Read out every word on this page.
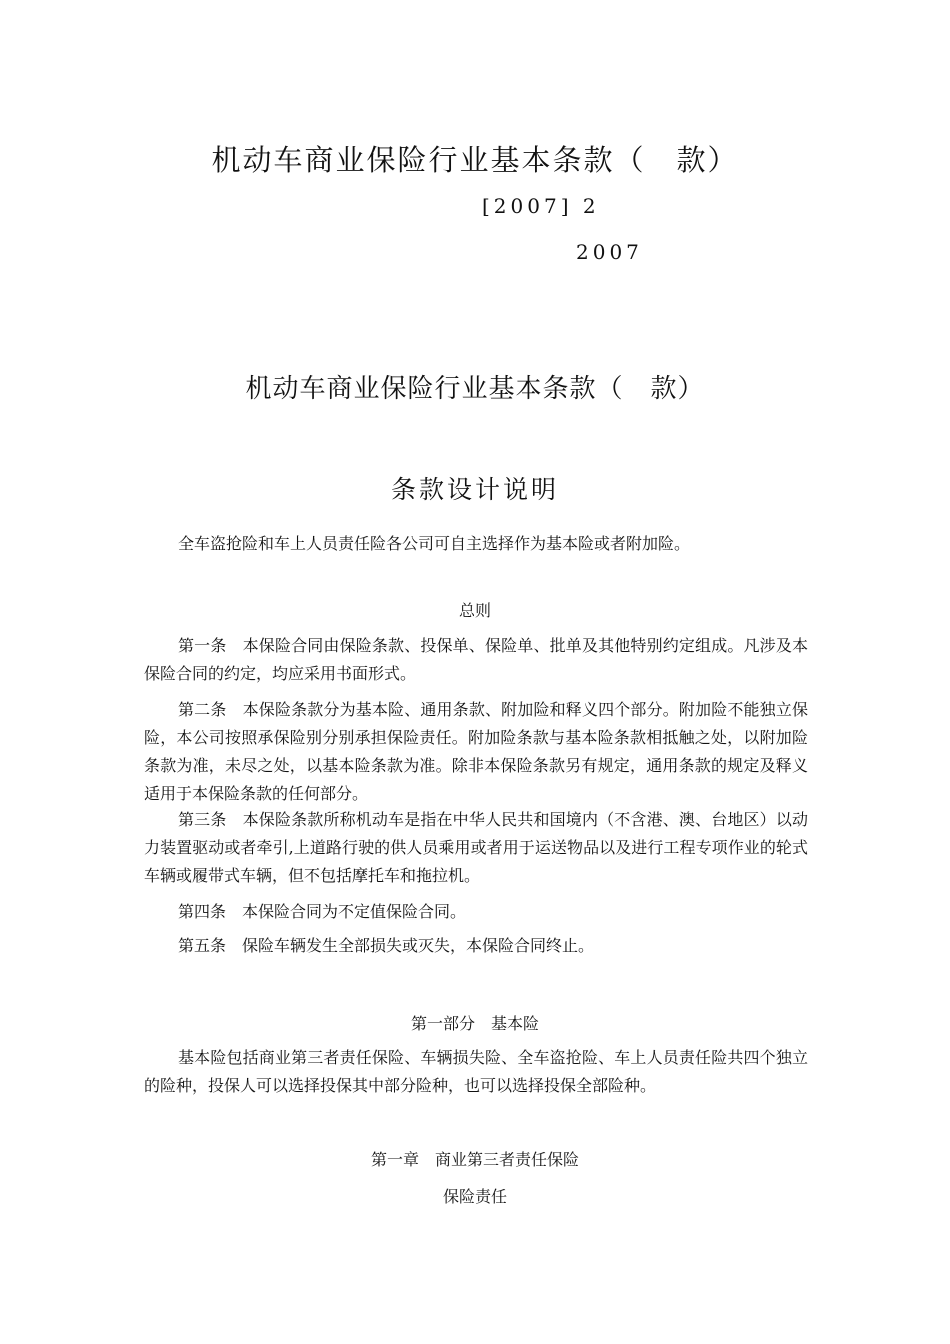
机动车商业保险行业基本条款（　款）
[2007] 2
2007
机动车商业保险行业基本条款（　款）
条款设计说明
全车盗抢险和车上人员责任险各公司可自主选择作为基本险或者附加险。
总则
第一条　本保险合同由保险条款、投保单、保险单、批单及其他特别约定组成。凡涉及本保险合同的约定，均应采用书面形式。
第二条　本保险条款分为基本险、通用条款、附加险和释义四个部分。附加险不能独立保险，本公司按照承保险别分别承担保险责任。附加险条款与基本险条款相抵触之处，以附加险条款为准，未尽之处，以基本险条款为准。除非本保险条款另有规定，通用条款的规定及释义适用于本保险条款的任何部分。
第三条　本保险条款所称机动车是指在中华人民共和国境内（不含港、澳、台地区）以动力装置驱动或者牵引,上道路行驶的供人员乘用或者用于运送物品以及进行工程专项作业的轮式车辆或履带式车辆，但不包括摩托车和拖拉机。
第四条　本保险合同为不定值保险合同。
第五条　保险车辆发生全部损失或灭失，本保险合同终止。
第一部分　基本险
基本险包括商业第三者责任保险、车辆损失险、全车盗抢险、车上人员责任险共四个独立的险种，投保人可以选择投保其中部分险种，也可以选择投保全部险种。
第一章　商业第三者责任保险
保险责任
